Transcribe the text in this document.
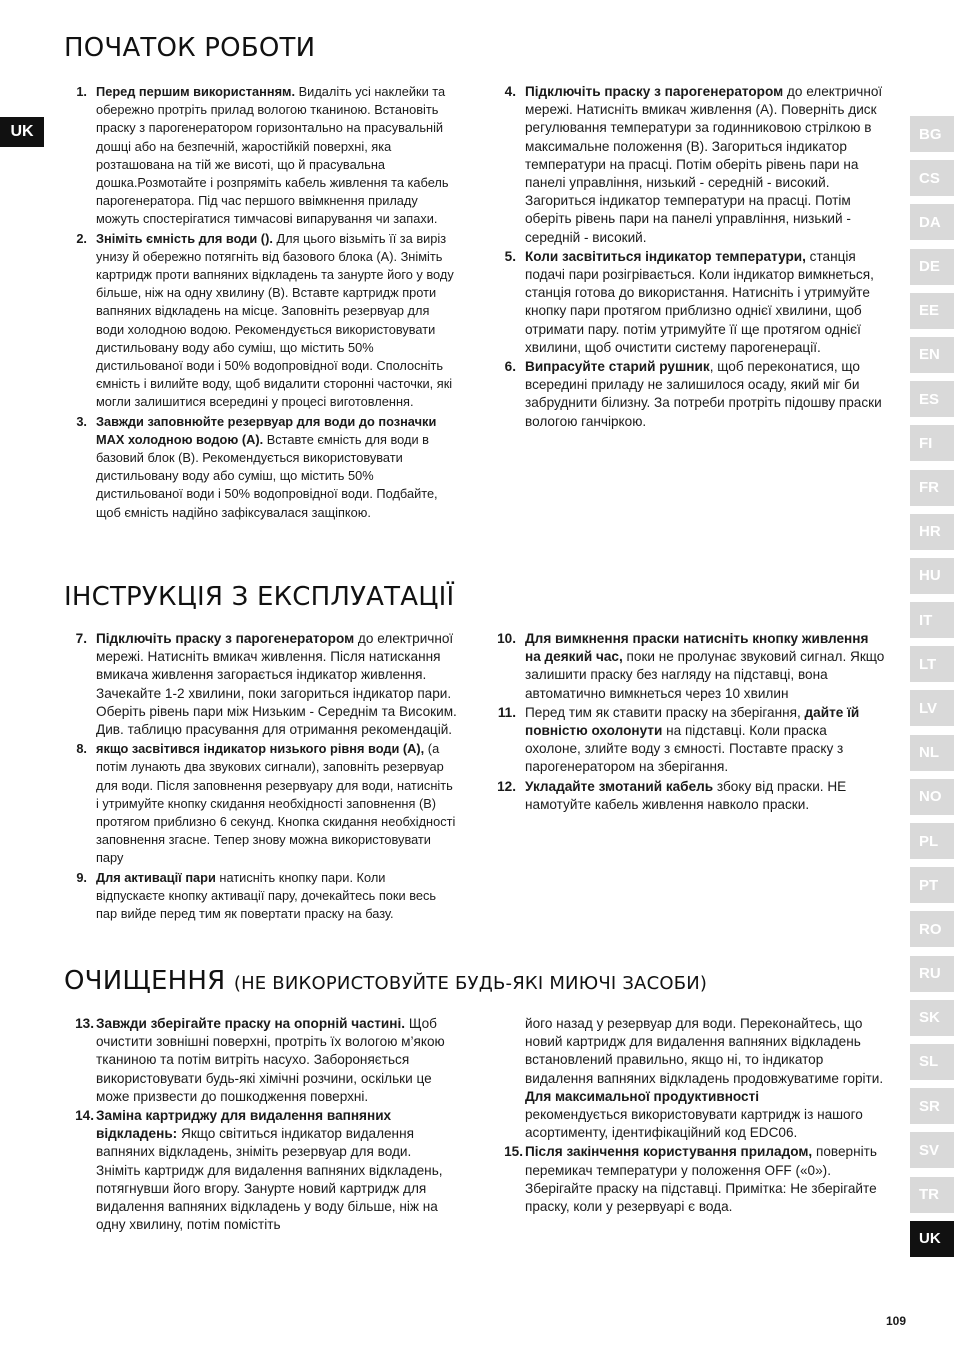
UK	BG
CS
DA
DE
EE
EN
ES
FI
FR
HR
HU
IT
LT
LV
NL
NO
PL
PT
RO
RU
SK
SL
SR
SV
TR
UK
ПОЧАТОК РОБОТИ

1. Перед першим використанням. Видаліть усі наклейки та обережно протріть прилад вологою тканиною. Встановіть праску з парогенератором горизонтально на прасувальній дошці або на безпечній, жаростійкій поверхні, яка розташована на тій же висоті, що й прасувальна дошка.Розмотайте і розпряміть кабель живлення та кабель парогенератора. Під час першого ввімкнення приладу можуть спостерігатися тимчасові випарування чи запахи.

2. Зніміть ємність для води (). Для цього візьміть її за виріз унизу й обережно потягніть від базового блока (A). Зніміть картридж проти вапняних відкладень та занурте його у воду більше, ніж на одну хвилину (B). Вставте картридж проти вапняних відкладень на місце. Заповніть резервуар для води холодною водою. Рекомендується використовувати дистильовану воду або суміш, що містить 50% дистильованої води і 50% водопровідної води. Сполосніть ємність і вилийте воду, щоб видалити сторонні часточки, які могли залишитися всередині у процесі виготовлення.

3. Завжди заповнюйте резервуар для води до позначки MAX холодною водою (A). Вставте ємність для води в базовий блок (B). Рекомендується використовувати дистильовану воду або суміш, що містить 50% дистильованої води і 50% водопровідної води. Подбайте, щоб ємність надійно зафіксувалася защіпкою.

4. Підключіть праску з парогенератором до електричної мережі. Натисніть вмикач живлення (A). Поверніть диск регулювання температури за годинниковою стрілкою в максимальне положення (B). Загориться індикатор температури на прасці. Потім оберіть рівень пари на панелі управління, низький - середній - високий. Загориться індикатор температури на прасці. Потім оберіть рівень пари на панелі управління, низький - середній - високий.

5. Коли засвітиться індикатор температури, станція подачі пари розігрівається. Коли індикатор вимкнеться, станція готова до використання. Натисніть і утримуйте кнопку пари протягом приблизно однієї хвилини, щоб отримати пару. потім утримуйте її ще протягом однієї хвилини, щоб очистити систему парогенерації.

6. Випрасуйте старий рушник, щоб переконатися, що всередині приладу не залишилося осаду, який міг би забруднити білизну. За потреби протріть підошву праски вологою ганчіркою.

ІНСТРУКЦІЯ З ЕКСПЛУАТАЦІЇ

7. Підключіть праску з парогенератором до електричної мережі. Натисніть вмикач живлення. Після натискання вмикача живлення загорається індикатор живлення. Зачекайте 1-2 хвилини, поки загориться індикатор пари. Оберіть рівень пари між Низьким - Середнім та Високим. Див. таблицю прасування для отримання рекомендацій.

8. якщо засвітився індикатор низького рівня води (A), (а потім лунають два звукових сигнали), заповніть резервуар для води. Після заповнення резервуару для води, натисніть і утримуйте кнопку скидання необхідності заповнення (B) протягом приблизно 6 секунд. Кнопка скидання необхідності заповнення згасне. Тепер знову можна використовувати пару

9. Для активації пари натисніть кнопку пари. Коли відпускаєте кнопку активації пару, дочекайтесь поки весь пар вийде перед тим як повертати праску на базу.

10. Для вимкнення праски натисніть кнопку живлення на деякий час, поки не пролунає звуковий сигнал. Якщо залишити праску без нагляду на підставці, вона автоматично вимкнеться через 10 хвилин

11. Перед тим як ставити праску на зберігання, дайте їй повністю охолонути на підставці. Коли праска охолоне, злийте воду з ємності. Поставте праску з парогенератором на зберігання.

12. Укладайте змотаний кабель збоку від праски. НЕ намотуйте кабель живлення навколо праски.

ОЧИЩЕННЯ (НЕ ВИКОРИСТОВУЙТЕ БУДЬ-ЯКІ МИЮЧІ ЗАСОБИ)

13. Завжди зберігайте праску на опорній частині. Щоб очистити зовнішні поверхні, протріть їх вологою м’якою тканиною та потім витріть насухо. Забороняється використовувати будь-які хімічні розчини, оскільки це може призвести до пошкодження поверхні.

14. Заміна картриджу для видалення вапняних відкладень: Якщо світиться індикатор видалення вапняних відкладень, зніміть резервуар для води. Зніміть картридж для видалення вапняних відкладень, потягнувши його вгору. Занурте новий картридж для видалення вапняних відкладень у воду більше, ніж на одну хвилину, потім помістіть

його назад у резервуар для води. Переконайтесь, що новий картридж для видалення вапняних відкладень встановлений правильно, якщо ні, то індикатор видалення вапняних відкладень продовжуватиме горіти.
Для максимальної продуктивності
рекомендується використовувати картридж із нашого асортименту, ідентифікаційний код EDC06.

15. Після закінчення користування приладом, поверніть перемикач температури у положення OFF («0»). Зберігайте праску на підставці. Примітка: Не зберігайте праску, коли у резервуарі є вода.

109
